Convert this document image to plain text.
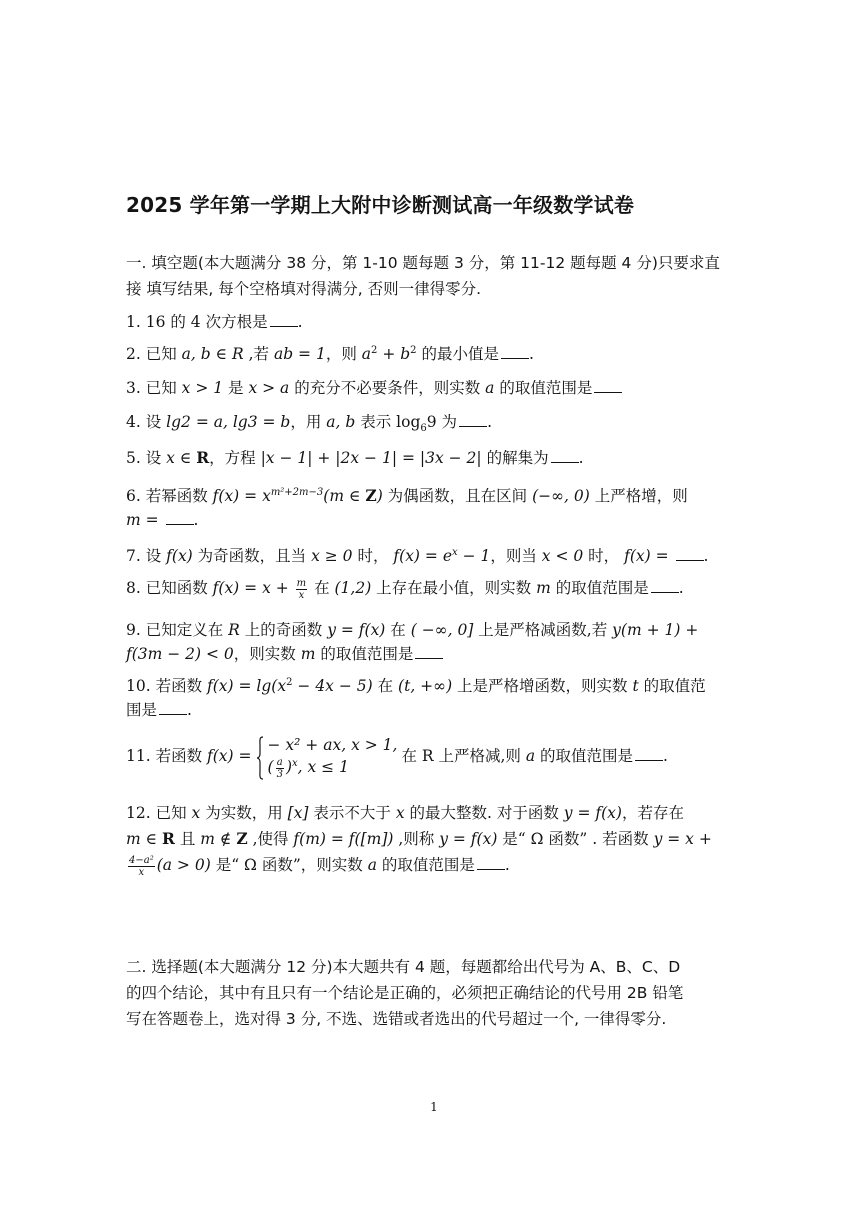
2025 学年第一学期上大附中诊断测试高一年级数学试卷
一. 填空题(本大题满分 38 分，第 1-10 题每题 3 分，第 11-12 题每题 4 分)只要求直
接 填写结果, 每个空格填对得满分, 否则一律得零分.
1. 16 的 4 次方根是 .
2. 已知 a, b ∈ R ,若 ab = 1，则 $a^2 + b^2$ 的最小值是 .
3. 已知 x > 1 是 x > a 的充分不必要条件，则实数 a 的取值范围是
4. 设 lg2 = a, lg3 = b，用 a, b 表示 $\log_69$ 为 .
5. 设 x ∈ R，方程 |x − 1| + |2x − 1| = |3x − 2| 的解集为 .
6. 若幂函数 $f(x) = x^{m^2+2m-3}(m$ ∈ Z) 为偶函数，且在区间 (−∞, 0) 上严格增，则
m = .
7. 设 f(x) 为奇函数，且当 x ≥ 0 时， $f(x) = e^x - 1$，则当 x < 0 时， f(x) = .
8. 已知函数 $f(x) = x + \frac{m}{x}$ 在 (1,2) 上存在最小值，则实数 m 的取值范围是 .
9. 已知定义在 R 上的奇函数 y = f(x) 在 ( −∞, 0] 上是严格减函数,若 y(m + 1) +
f(3m − 2) < 0，则实数 m 的取值范围是
10. 若函数 $f(x) = \lg(x^2 - 4x - 5)$ 在 (t, +∞) 上是严格增函数，则实数 t 的取值范
围是 .
11. 若函数 f(x) =
− x² + ax, x > 1,
( $\frac{a}{3} )^x$, x ≤ 1
在 R 上严格减,则 a 的取值范围是 .
12. 已知 x 为实数，用 [x] 表示不大于 x 的最大整数. 对于函数 y = f(x)，若存在
m ∈ R 且 m ∉ Z ,使得 f(m) = f([m]) ,则称 y = f(x) 是“ Ω 函数” . 若函数 y = x +

$\frac{\text{4−a²}}{x} (a > 0)$ 是“ Ω 函数”，则实数 a 的取值范围是 .
二. 选择题(本大题满分 12 分)本大题共有 4 题，每题都给出代号为 A、B、C、D
的四个结论，其中有且只有一个结论是正确的，必须把正确结论的代号用 2B 铅笔
写在答题卷上，选对得 3 分, 不选、选错或者选出的代号超过一个, 一律得零分.
1
